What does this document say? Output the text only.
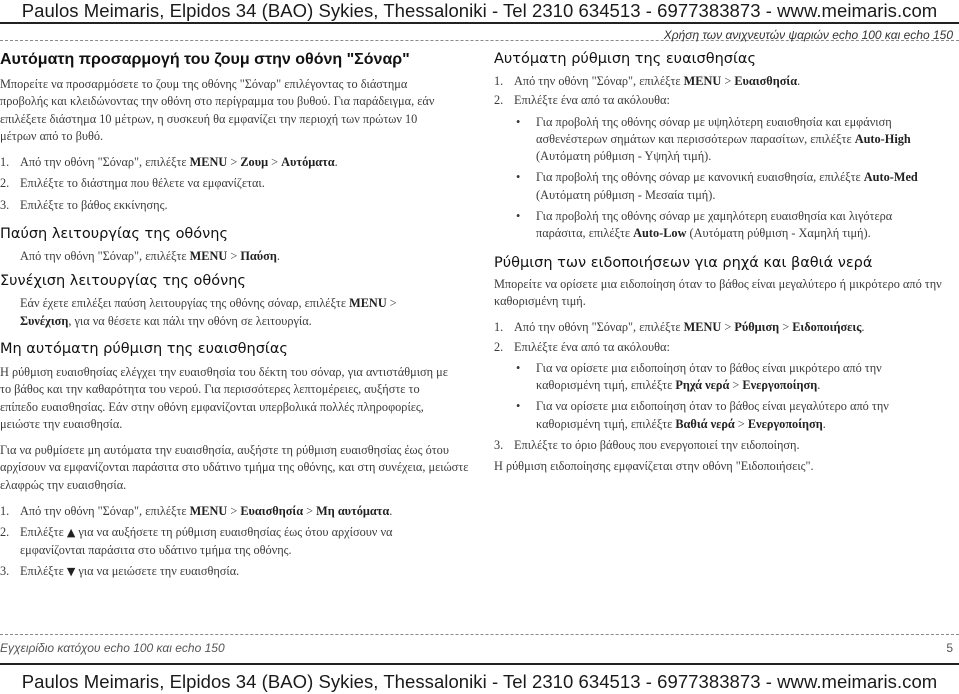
Paulos Meimaris, Elpidos 34 (BAO) Sykies, Thessaloniki - Tel 2310 634513 - 6977383873 - www.meimaris.com
Χρήση των ανιχνευτών ψαριών echo 100 και echo 150
Αυτόματη προσαρμογή του ζουμ στην οθόνη "Σόναρ"

Μπορείτε να προσαρμόσετε το ζουμ της οθόνης "Σόναρ" επιλέγοντας το διάστημα προβολής και κλειδώνοντας την οθόνη στο περίγραμμα του βυθού. Για παράδειγμα, εάν επιλέξετε διάστημα 10 μέτρων, η συσκευή θα εμφανίζει την περιοχή των πρώτων 10 μέτρων από το βυθό.

1. Από την οθόνη "Σόναρ", επιλέξτε MENU > Ζουμ > Αυτόματα.
2. Επιλέξτε το διάστημα που θέλετε να εμφανίζεται.
3. Επιλέξτε το βάθος εκκίνησης.
Παύση λειτουργίας της οθόνης

Από την οθόνη "Σόναρ", επιλέξτε MENU > Παύση.

Συνέχιση λειτουργίας της οθόνης

Εάν έχετε επιλέξει παύση λειτουργίας της οθόνης σόναρ, επιλέξτε MENU > Συνέχιση, για να θέσετε και πάλι την οθόνη σε λειτουργία.

Μη αυτόματη ρύθμιση της ευαισθησίας

Η ρύθμιση ευαισθησίας ελέγχει την ευαισθησία του δέκτη του σόναρ, για αντιστάθμιση με το βάθος και την καθαρότητα του νερού. Για περισσότερες λεπτομέρειες, αυξήστε το επίπεδο ευαισθησίας. Εάν στην οθόνη εμφανίζονται υπερβολικά πολλές πληροφορίες, μειώστε την ευαισθησία.

Για να ρυθμίσετε μη αυτόματα την ευαισθησία, αυξήστε τη ρύθμιση ευαισθησίας έως ότου αρχίσουν να εμφανίζονται παράσιτα στο υδάτινο τμήμα της οθόνης, και στη συνέχεια, μειώστε ελαφρώς την ευαισθησία.

1. Από την οθόνη "Σόναρ", επιλέξτε MENU > Ευαισθησία > Μη αυτόματα.
2. Επιλέξτε ▲ για να αυξήσετε τη ρύθμιση ευαισθησίας έως ότου αρχίσουν να εμφανίζονται παράσιτα στο υδάτινο τμήμα της οθόνης.
3. Επιλέξτε ▼ για να μειώσετε την ευαισθησία.
Αυτόματη ρύθμιση της ευαισθησίας
1. Από την οθόνη "Σόναρ", επιλέξτε MENU > Ευαισθησία.
2. Επιλέξτε ένα από τα ακόλουθα:
• Για προβολή της οθόνης σόναρ με υψηλότερη ευαισθησία και εμφάνιση ασθενέστερων σημάτων και περισσότερων παρασίτων, επιλέξτε Auto-High (Αυτόματη ρύθμιση - Υψηλή τιμή).
• Για προβολή της οθόνης σόναρ με κανονική ευαισθησία, επιλέξτε Auto-Med (Αυτόματη ρύθμιση - Μεσαία τιμή).
• Για προβολή της οθόνης σόναρ με χαμηλότερη ευαισθησία και λιγότερα παράσιτα, επιλέξτε Auto-Low (Αυτόματη ρύθμιση - Χαμηλή τιμή).
Ρύθμιση των ειδοποιήσεων για ρηχά και βαθιά νερά

Μπορείτε να ορίσετε μια ειδοποίηση όταν το βάθος είναι μεγαλύτερο ή μικρότερο από την καθορισμένη τιμή.

1. Από την οθόνη "Σόναρ", επιλέξτε MENU > Ρύθμιση > Ειδοποιήσεις.
2. Επιλέξτε ένα από τα ακόλουθα:
• Για να ορίσετε μια ειδοποίηση όταν το βάθος είναι μικρότερο από την καθορισμένη τιμή, επιλέξτε Ρηχά νερά > Ενεργοποίηση.
• Για να ορίσετε μια ειδοποίηση όταν το βάθος είναι μεγαλύτερο από την καθορισμένη τιμή, επιλέξτε Βαθιά νερά > Ενεργοποίηση.
3. Επιλέξτε το όριο βάθους που ενεργοποιεί την ειδοποίηση.

Η ρύθμιση ειδοποίησης εμφανίζεται στην οθόνη "Ειδοποιήσεις".

Εγχειρίδιο κατόχου echo 100 και echo 150	5
Paulos Meimaris, Elpidos 34 (BAO) Sykies, Thessaloniki - Tel 2310 634513 - 6977383873 - www.meimaris.com
